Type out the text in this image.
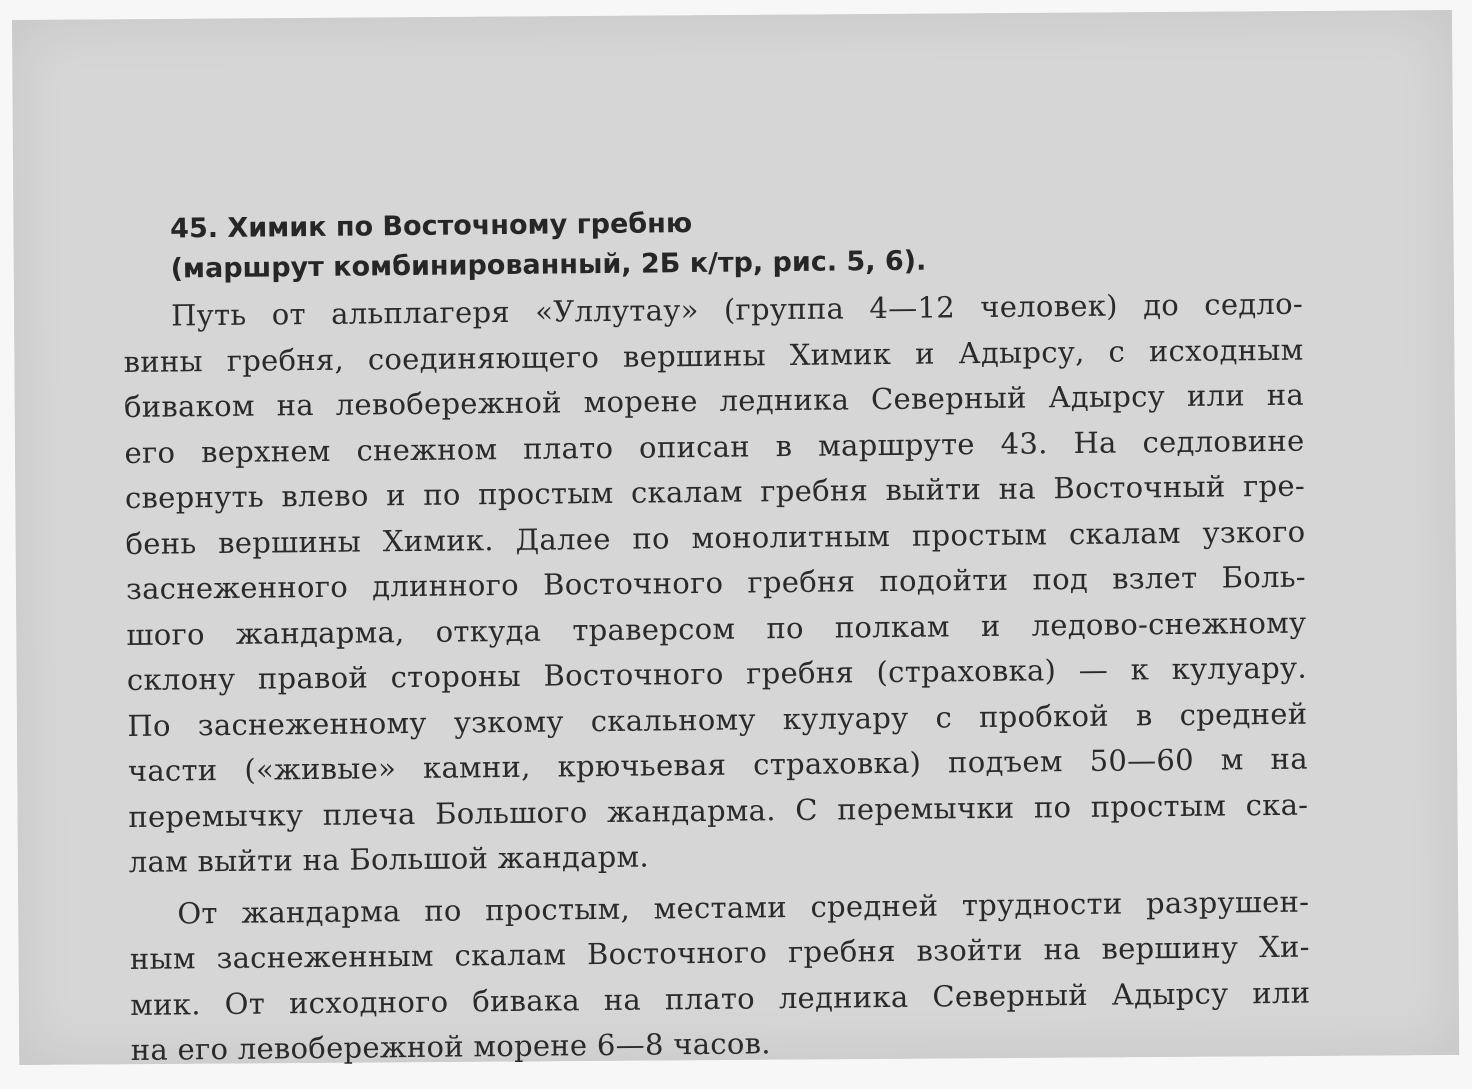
45. Химик по Восточному гребню
(маршрут комбинированный, 2Б к/тр, рис. 5, 6).

Путь от альплагеря «Уллутау» (группа 4—12 человек) до седло-

вины гребня, соединяющего вершины Химик и Адырсу, с исходным

биваком на левобережной морене ледника Северный Адырсу или на

его верхнем снежном плато описан в маршруте 43. На седловине

свернуть влево и по простым скалам гребня выйти на Восточный гре-

бень вершины Химик. Далее по монолитным простым скалам узкого

заснеженного длинного Восточного гребня подойти под взлет Боль-

шого жандарма, откуда траверсом по полкам и ледово-снежному

склону правой стороны Восточного гребня (страховка) — к кулуару.

По заснеженному узкому скальному кулуару с пробкой в средней

части («живые» камни, крючьевая страховка) подъем 50—60 м на

перемычку плеча Большого жандарма. С перемычки по простым ска-

лам выйти на Большой жандарм.

От жандарма по простым, местами средней трудности разрушен-

ным заснеженным скалам Восточного гребня взойти на вершину Хи-

мик. От исходного бивака на плато ледника Северный Адырсу или

на его левобережной морене 6—8 часов.
